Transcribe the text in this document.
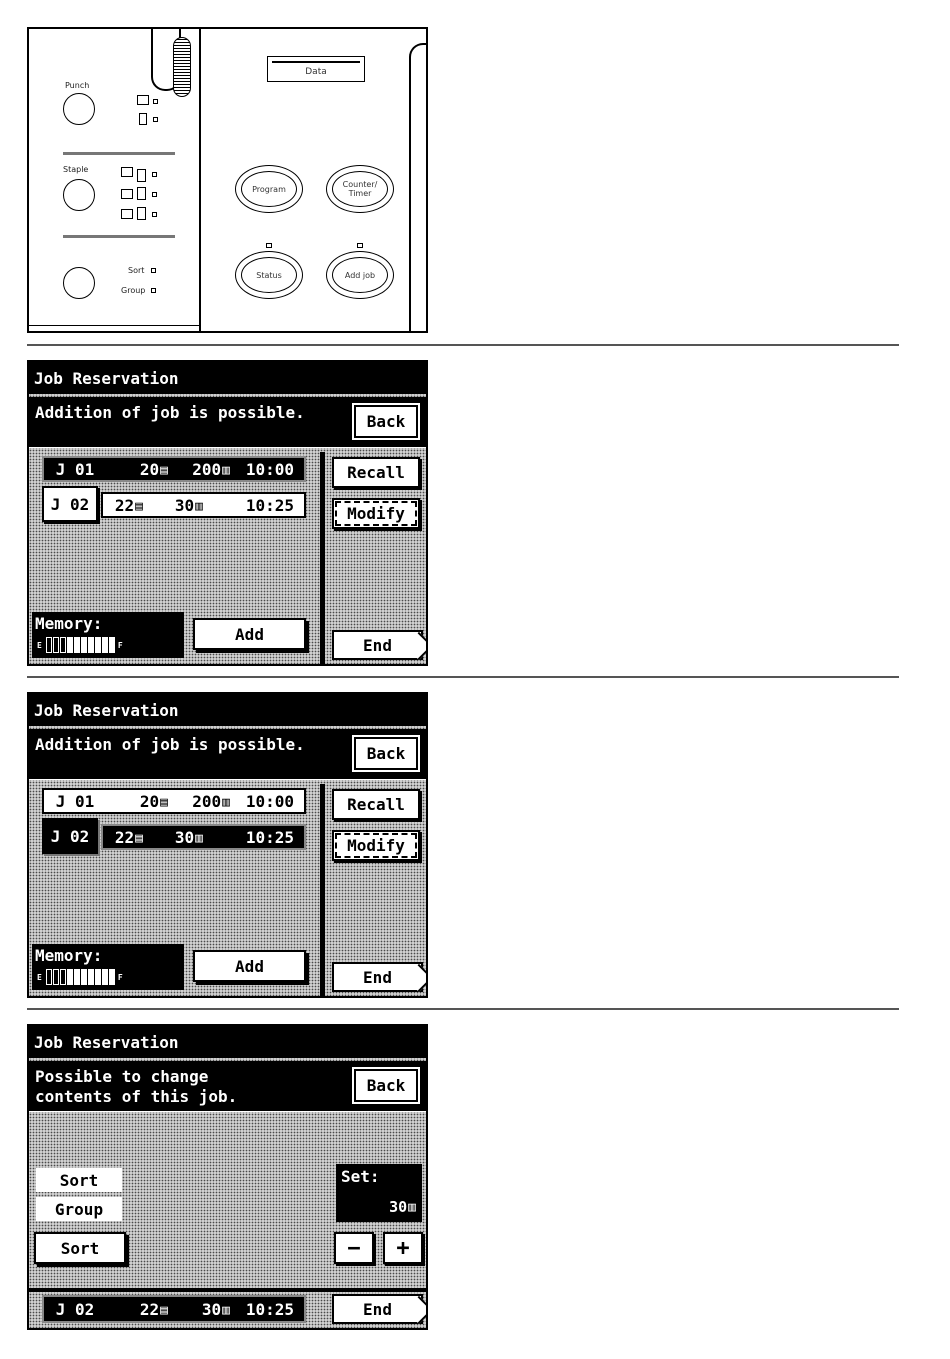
Punch
Staple
Sort
Group
Data
Program	Counter/ Timer
Status	Add job
Job Reservation
Addition of job is possible.	Back
J 01	20▤	200▥ 10:00
J 02	22▤	30▥	10:25
Recall
Modify
Memory:
E	F
Add
End
Job Reservation
Addition of job is possible.	Back
J 01	20▤	200▥ 10:00
J 02	22▤	30▥	10:25
Recall
Modify
Memory:
E	F
Add
End
Job Reservation
Possible to change
contents of this job.
Back
Sort
Group
Sort
Set:
30▥
−	+
J 02	22▤	30▥ 10:25	End
